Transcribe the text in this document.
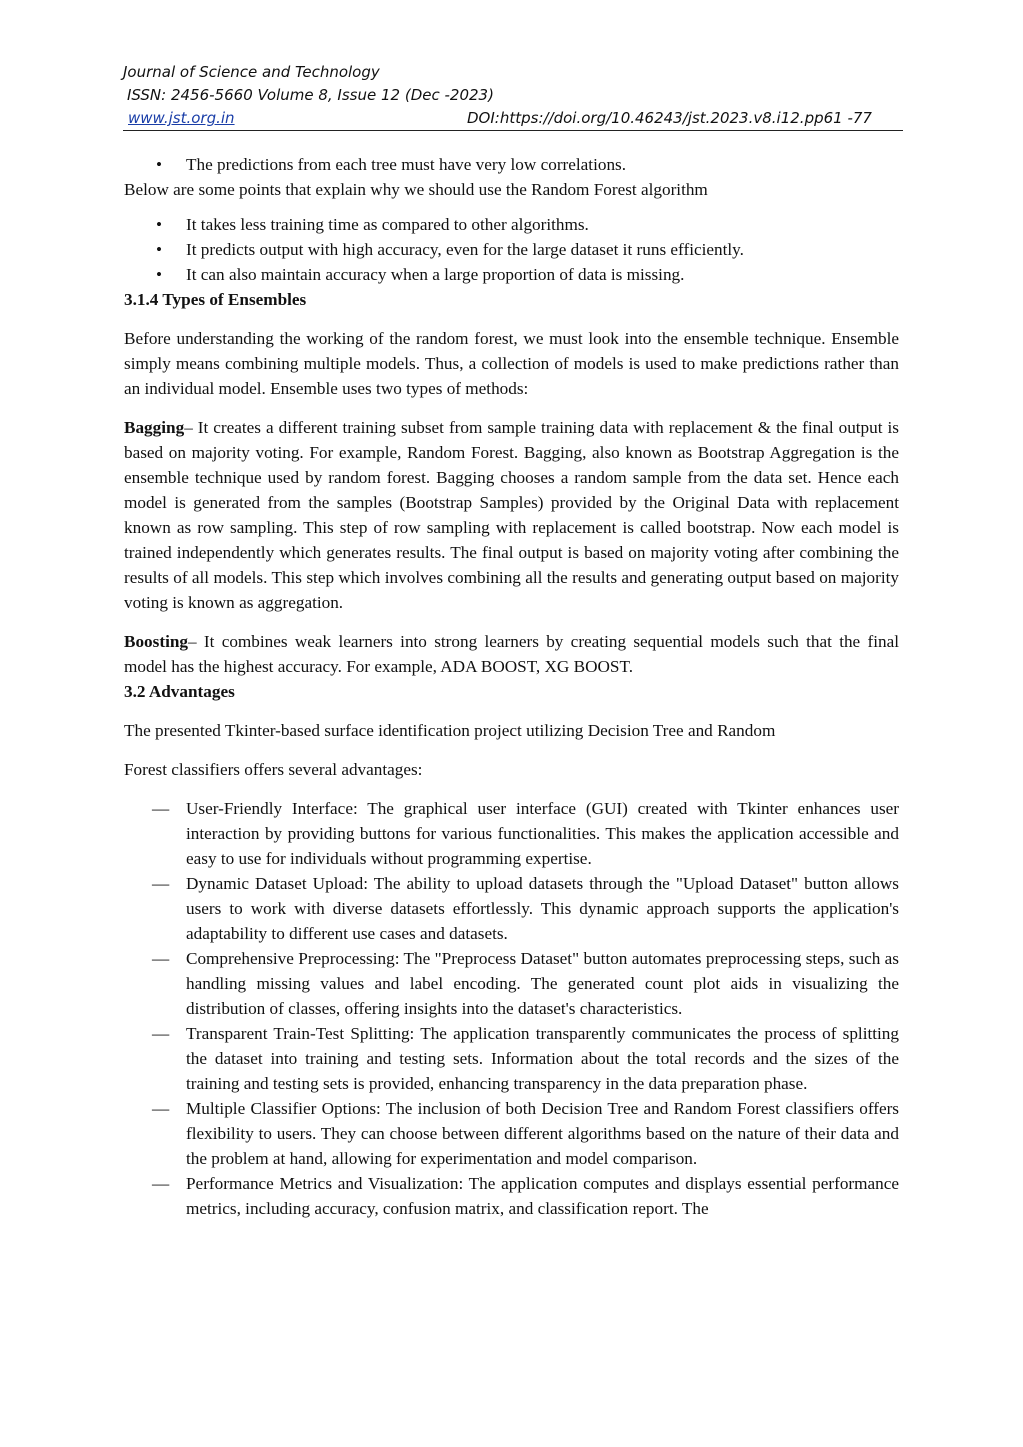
Journal of Science and Technology
ISSN: 2456-5660 Volume 8, Issue 12 (Dec -2023)
www.jst.org.in	DOI:https://doi.org/10.46243/jst.2023.v8.i12.pp61 -77

• The predictions from each tree must have very low correlations.

Below are some points that explain why we should use the Random Forest algorithm

• It takes less training time as compared to other algorithms.

• It predicts output with high accuracy, even for the large dataset it runs efficiently.

• It can also maintain accuracy when a large proportion of data is missing.

3.1.4 Types of Ensembles

Before understanding the working of the random forest, we must look into the ensemble technique. Ensemble simply means combining multiple models. Thus, a collection of models is used to make predictions rather than an individual model. Ensemble uses two types of methods:

Bagging– It creates a different training subset from sample training data with replacement & the final output is based on majority voting. For example, Random Forest. Bagging, also known as Bootstrap Aggregation is the ensemble technique used by random forest. Bagging chooses a random sample from the data set. Hence each model is generated from the samples (Bootstrap Samples) provided by the Original Data with replacement known as row sampling. This step of row sampling with replacement is called bootstrap. Now each model is trained independently which generates results. The final output is based on majority voting after combining the results of all models. This step which involves combining all the results and generating output based on majority voting is known as aggregation.

Boosting– It combines weak learners into strong learners by creating sequential models such that the final model has the highest accuracy. For example, ADA BOOST, XG BOOST.

3.2 Advantages

The presented Tkinter-based surface identification project utilizing Decision Tree and Random

Forest classifiers offers several advantages:

— User-Friendly Interface: The graphical user interface (GUI) created with Tkinter enhances user interaction by providing buttons for various functionalities. This makes the application accessible and easy to use for individuals without programming expertise.

— Dynamic Dataset Upload: The ability to upload datasets through the "Upload Dataset" button allows users to work with diverse datasets effortlessly. This dynamic approach supports the application's adaptability to different use cases and datasets.

— Comprehensive Preprocessing: The "Preprocess Dataset" button automates preprocessing steps, such as handling missing values and label encoding. The generated count plot aids in visualizing the distribution of classes, offering insights into the dataset's characteristics.

— Transparent Train-Test Splitting: The application transparently communicates the process of splitting the dataset into training and testing sets. Information about the total records and the sizes of the training and testing sets is provided, enhancing transparency in the data preparation phase.

— Multiple Classifier Options: The inclusion of both Decision Tree and Random Forest classifiers offers flexibility to users. They can choose between different algorithms based on the nature of their data and the problem at hand, allowing for experimentation and model comparison.

— Performance Metrics and Visualization: The application computes and displays essential performance metrics, including accuracy, confusion matrix, and classification report. The
